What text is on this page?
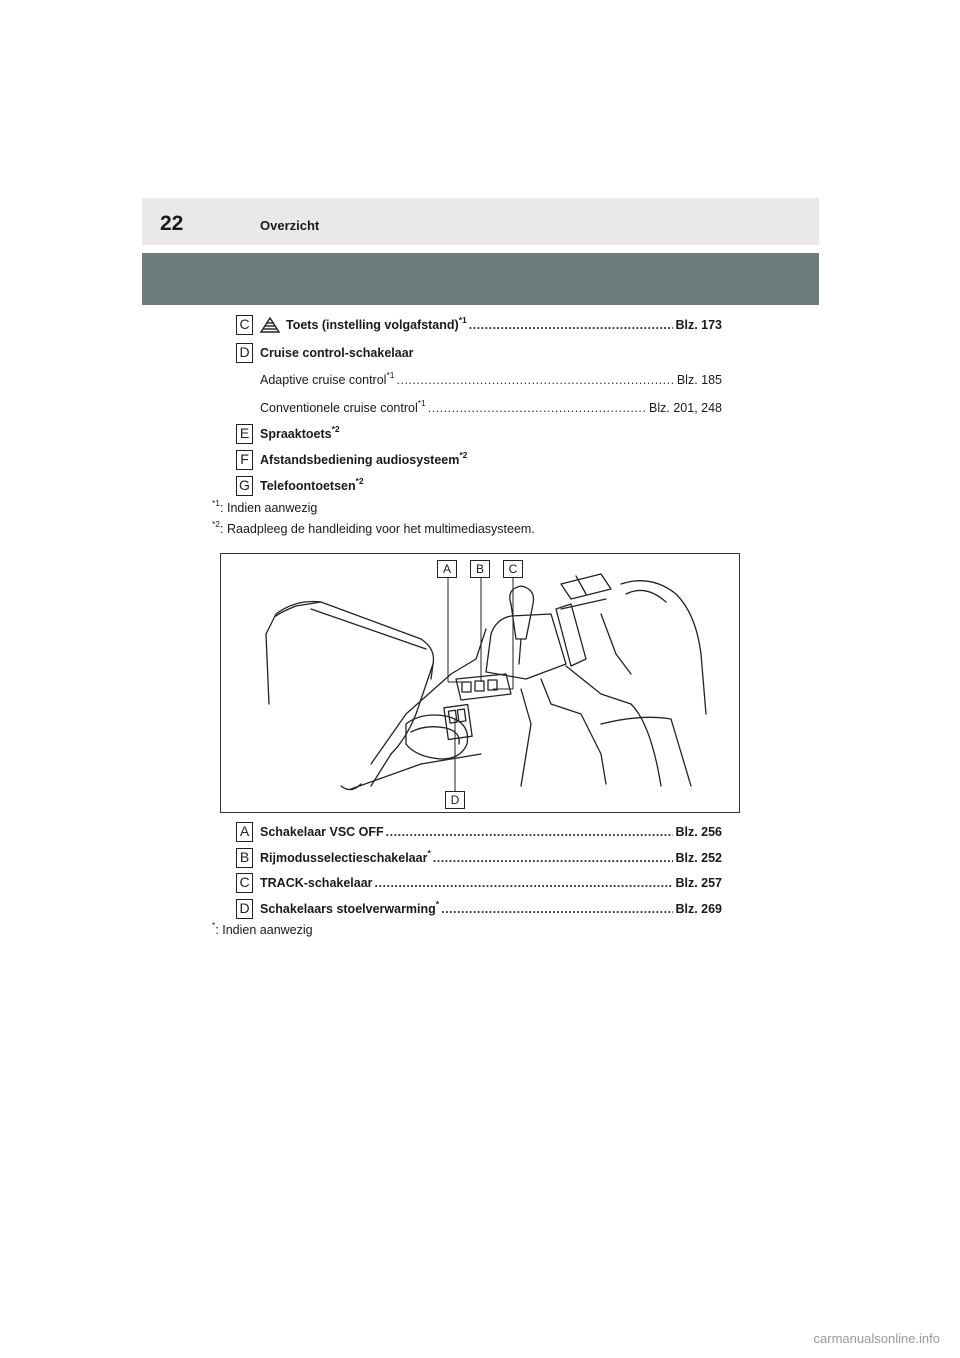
22	Overzicht
C	Toets (instelling volgafstand)$^{*1}$ .....	Blz. 173
D Cruise control-schakelaar
Adaptive cruise control$^{*1}$ .....	Blz. 185
Conventionele cruise control$^{*1}$ .....	Blz. 201, 248
E Spraaktoets$^{*2}$
F Afstandsbediening audiosysteem$^{*2}$
G Telefoontoetsen$^{*2}$
$^{*1}$: Indien aanwezig
$^{*2}$: Raadpleeg de handleiding voor het multimediasysteem.
A	B	C
D
A Schakelaar VSC OFF .....	Blz. 256
B Rijmodusselectieschakelaar* .....	Blz. 252
C TRACK-schakelaar .....	Blz. 257
D Schakelaars stoelverwarming* .....	Blz. 269
*: Indien aanwezig
carmanualsonline.info
